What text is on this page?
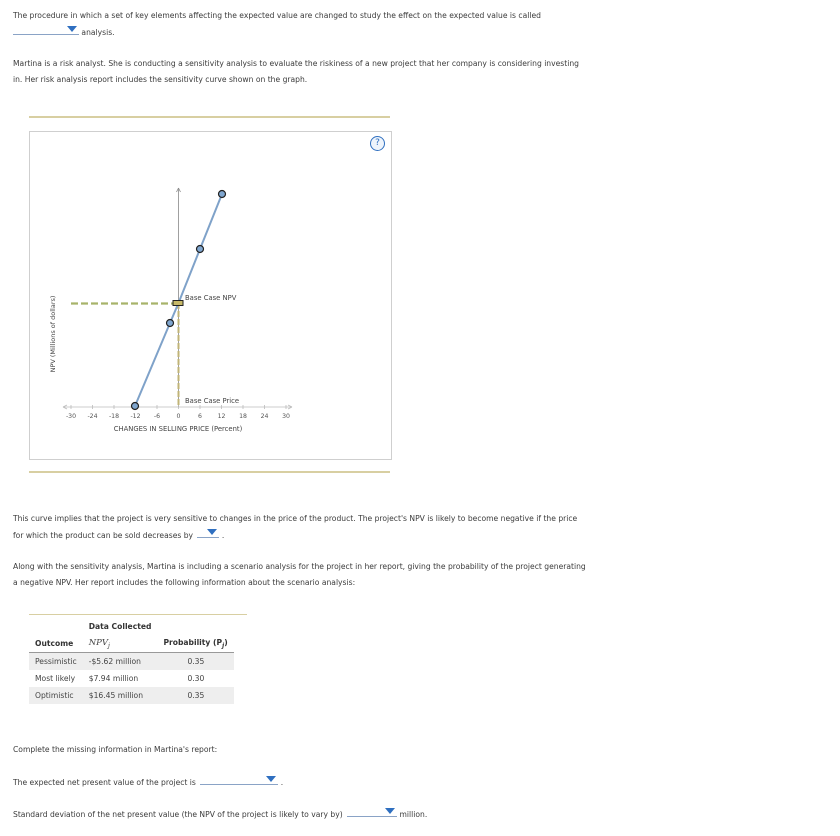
The procedure in which a set of key elements affecting the expected value are changed to study the effect on the expected value is called
analysis.
Martina is a risk analyst. She is conducting a sensitivity analysis to evaluate the riskiness of a new project that her company is considering investing
in. Her risk analysis report includes the sensitivity curve shown on the graph.
?
NPV (Millions of dollars)
-30 -24 -18 -12 -6	0	6	12 18 24 30
CHANGES IN SELLING PRICE (Percent)
Base Case NPV
Base Case Price
This curve implies that the project is very sensitive to changes in the price of the product. The project's NPV is likely to become negative if the price
for which the product can be sold decreases by	.
Along with the sensitivity analysis, Martina is including a scenario analysis for the project in her report, giving the probability of the project generating
a negative NPV. Her report includes the following information about the scenario analysis:

	Data Collected	
Outcome	$NPV_j$	Probability $(P_j)$
Pessimistic	-$5.62 million	0.35
Most likely	$7.94 million	0.30
Optimistic	$16.45 million	0.35
Complete the missing information in Martina's report:
The expected net present value of the project is	.
Standard deviation of the net present value (the NPV of the project is likely to vary by)	million.
